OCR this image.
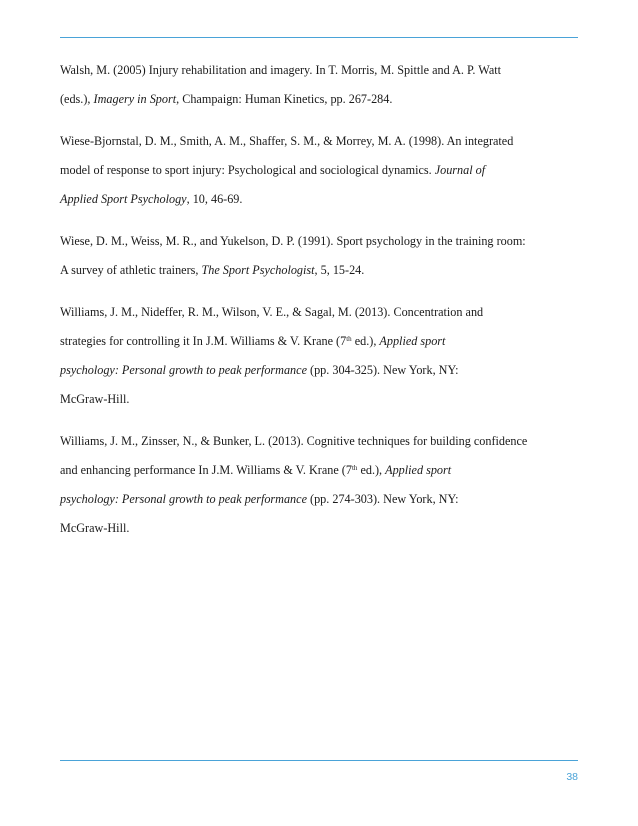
Walsh, M. (2005) Injury rehabilitation and imagery. In T. Morris, M. Spittle and A. P. Watt
(eds.), Imagery in Sport, Champaign: Human Kinetics, pp. 267-284.
Wiese-Bjornstal, D. M., Smith, A. M., Shaffer, S. M., & Morrey, M. A. (1998). An integrated
model of response to sport injury: Psychological and sociological dynamics. Journal of
Applied Sport Psychology, 10, 46-69.
Wiese, D. M., Weiss, M. R., and Yukelson, D. P. (1991). Sport psychology in the training room:
A survey of athletic trainers, The Sport Psychologist, 5, 15-24.
Williams, J. M., Nideffer, R. M., Wilson, V. E., & Sagal, M. (2013). Concentration and
strategies for controlling it In J.M. Williams & V. Krane (7th ed.), Applied sport
psychology: Personal growth to peak performance (pp. 304-325). New York, NY:
McGraw-Hill.
Williams, J. M., Zinsser, N., & Bunker, L. (2013). Cognitive techniques for building confidence
and enhancing performance In J.M. Williams & V. Krane (7th ed.), Applied sport
psychology: Personal growth to peak performance (pp. 274-303). New York, NY:
McGraw-Hill.
38
